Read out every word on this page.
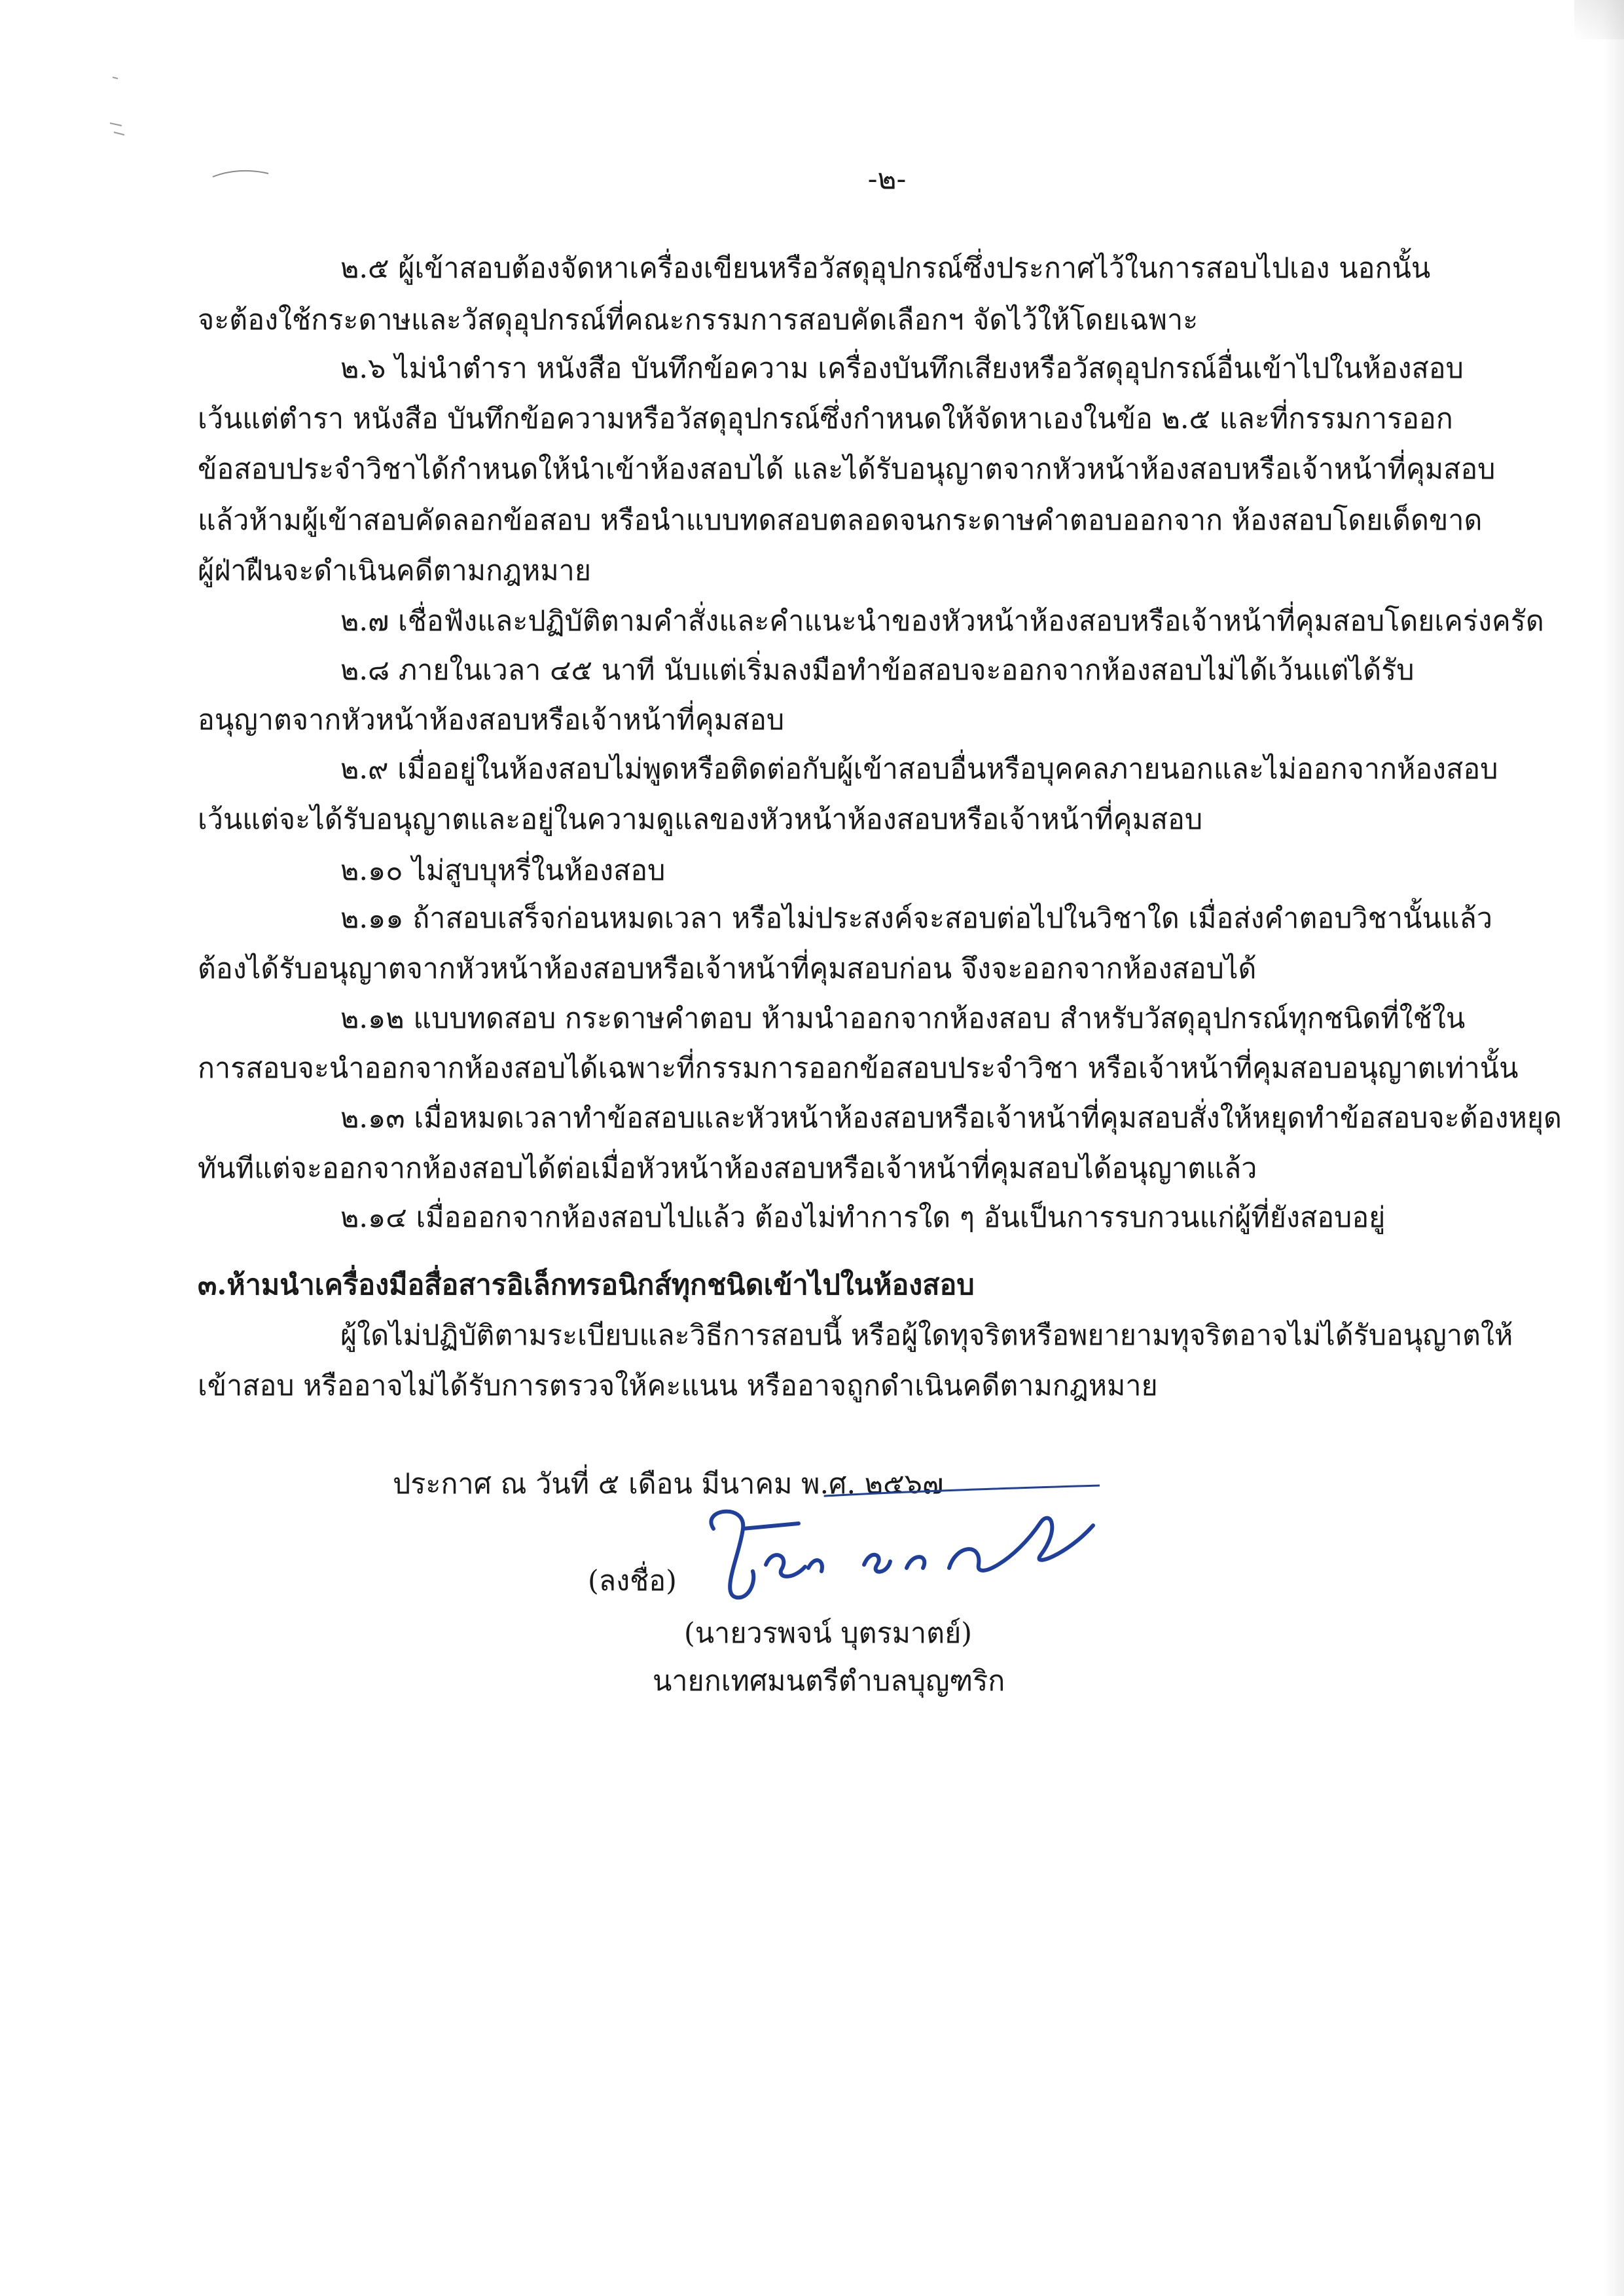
-๒-
๒.๕ ผู้เข้าสอบต้องจัดหาเครื่องเขียนหรือวัสดุอุปกรณ์ซึ่งประกาศไว้ในการสอบไปเอง นอกนั้น
จะต้องใช้กระดาษและวัสดุอุปกรณ์ที่คณะกรรมการสอบคัดเลือกฯ จัดไว้ให้โดยเฉพาะ
๒.๖ ไม่นำตำรา หนังสือ บันทึกข้อความ เครื่องบันทึกเสียงหรือวัสดุอุปกรณ์อื่นเข้าไปในห้องสอบ
เว้นแต่ตำรา หนังสือ บันทึกข้อความหรือวัสดุอุปกรณ์ซึ่งกำหนดให้จัดหาเองในข้อ ๒.๕ และที่กรรมการออก
ข้อสอบประจำวิชาได้กำหนดให้นำเข้าห้องสอบได้ และได้รับอนุญาตจากหัวหน้าห้องสอบหรือเจ้าหน้าที่คุมสอบ
แล้วห้ามผู้เข้าสอบคัดลอกข้อสอบ หรือนำแบบทดสอบตลอดจนกระดาษคำตอบออกจาก ห้องสอบโดยเด็ดขาด
ผู้ฝ่าฝืนจะดำเนินคดีตามกฎหมาย
๒.๗ เชื่อฟังและปฏิบัติตามคำสั่งและคำแนะนำของหัวหน้าห้องสอบหรือเจ้าหน้าที่คุมสอบโดยเคร่งครัด
๒.๘ ภายในเวลา ๔๕ นาที นับแต่เริ่มลงมือทำข้อสอบจะออกจากห้องสอบไม่ได้เว้นแต่ได้รับ
อนุญาตจากหัวหน้าห้องสอบหรือเจ้าหน้าที่คุมสอบ
๒.๙ เมื่ออยู่ในห้องสอบไม่พูดหรือติดต่อกับผู้เข้าสอบอื่นหรือบุคคลภายนอกและไม่ออกจากห้องสอบ
เว้นแต่จะได้รับอนุญาตและอยู่ในความดูแลของหัวหน้าห้องสอบหรือเจ้าหน้าที่คุมสอบ
๒.๑๐ ไม่สูบบุหรี่ในห้องสอบ
๒.๑๑ ถ้าสอบเสร็จก่อนหมดเวลา หรือไม่ประสงค์จะสอบต่อไปในวิชาใด เมื่อส่งคำตอบวิชานั้นแล้ว
ต้องได้รับอนุญาตจากหัวหน้าห้องสอบหรือเจ้าหน้าที่คุมสอบก่อน จึงจะออกจากห้องสอบได้
๒.๑๒ แบบทดสอบ กระดาษคำตอบ ห้ามนำออกจากห้องสอบ สำหรับวัสดุอุปกรณ์ทุกชนิดที่ใช้ใน
การสอบจะนำออกจากห้องสอบได้เฉพาะที่กรรมการออกข้อสอบประจำวิชา หรือเจ้าหน้าที่คุมสอบอนุญาตเท่านั้น
๒.๑๓ เมื่อหมดเวลาทำข้อสอบและหัวหน้าห้องสอบหรือเจ้าหน้าที่คุมสอบสั่งให้หยุดทำข้อสอบจะต้องหยุด
ทันทีแต่จะออกจากห้องสอบได้ต่อเมื่อหัวหน้าห้องสอบหรือเจ้าหน้าที่คุมสอบได้อนุญาตแล้ว
๒.๑๔ เมื่อออกจากห้องสอบไปแล้ว ต้องไม่ทำการใด ๆ อันเป็นการรบกวนแก่ผู้ที่ยังสอบอยู่
๓.ห้ามนำเครื่องมือสื่อสารอิเล็กทรอนิกส์ทุกชนิดเข้าไปในห้องสอบ
ผู้ใดไม่ปฏิบัติตามระเบียบและวิธีการสอบนี้ หรือผู้ใดทุจริตหรือพยายามทุจริตอาจไม่ได้รับอนุญาตให้
เข้าสอบ หรืออาจไม่ได้รับการตรวจให้คะแนน หรืออาจถูกดำเนินคดีตามกฎหมาย
ประกาศ ณ วันที่ ๕ เดือน มีนาคม พ.ศ. ๒๕๖๗
(ลงชื่อ)
(นายวรพจน์ บุตรมาตย์)
นายกเทศมนตรีตำบลบุญฑริก
